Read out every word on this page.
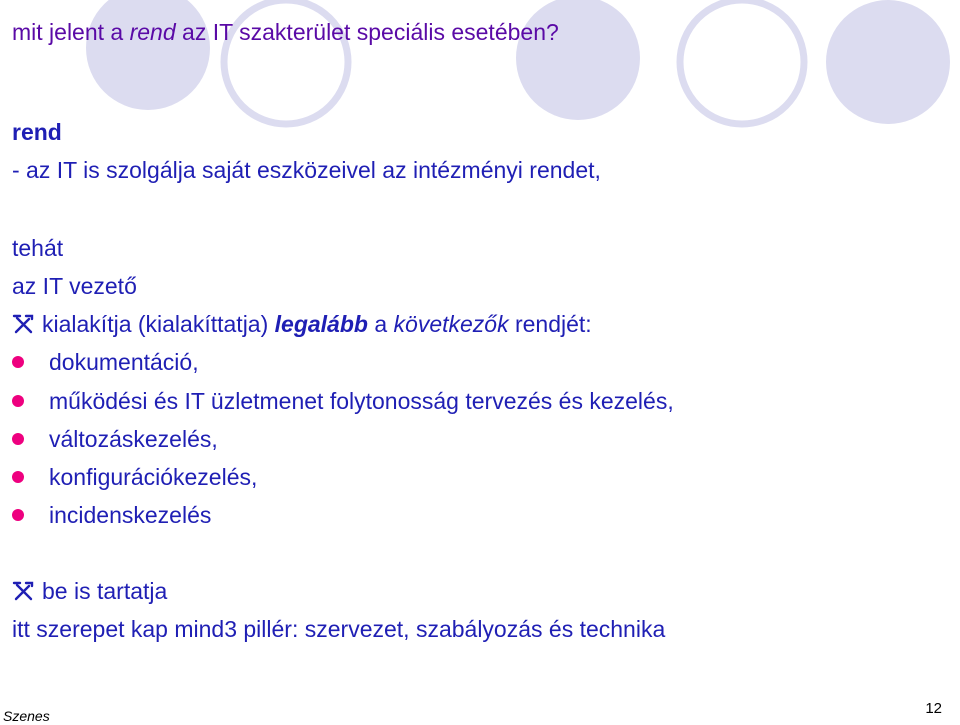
mit jelent a rend az IT szakterület speciális esetében?
rend
- az IT is szolgálja saját eszközeivel az intézményi rendet,
tehát
az IT vezető
kialakítja (kialakíttatja) legalább a következők rendjét:
dokumentáció,
működési és IT üzletmenet folytonosság tervezés és kezelés,
változáskezelés,
konfigurációkezelés,
incidenskezelés
be is tartatja
itt szerepet kap mind3 pillér: szervezet, szabályozás és technika
Szenes	12
